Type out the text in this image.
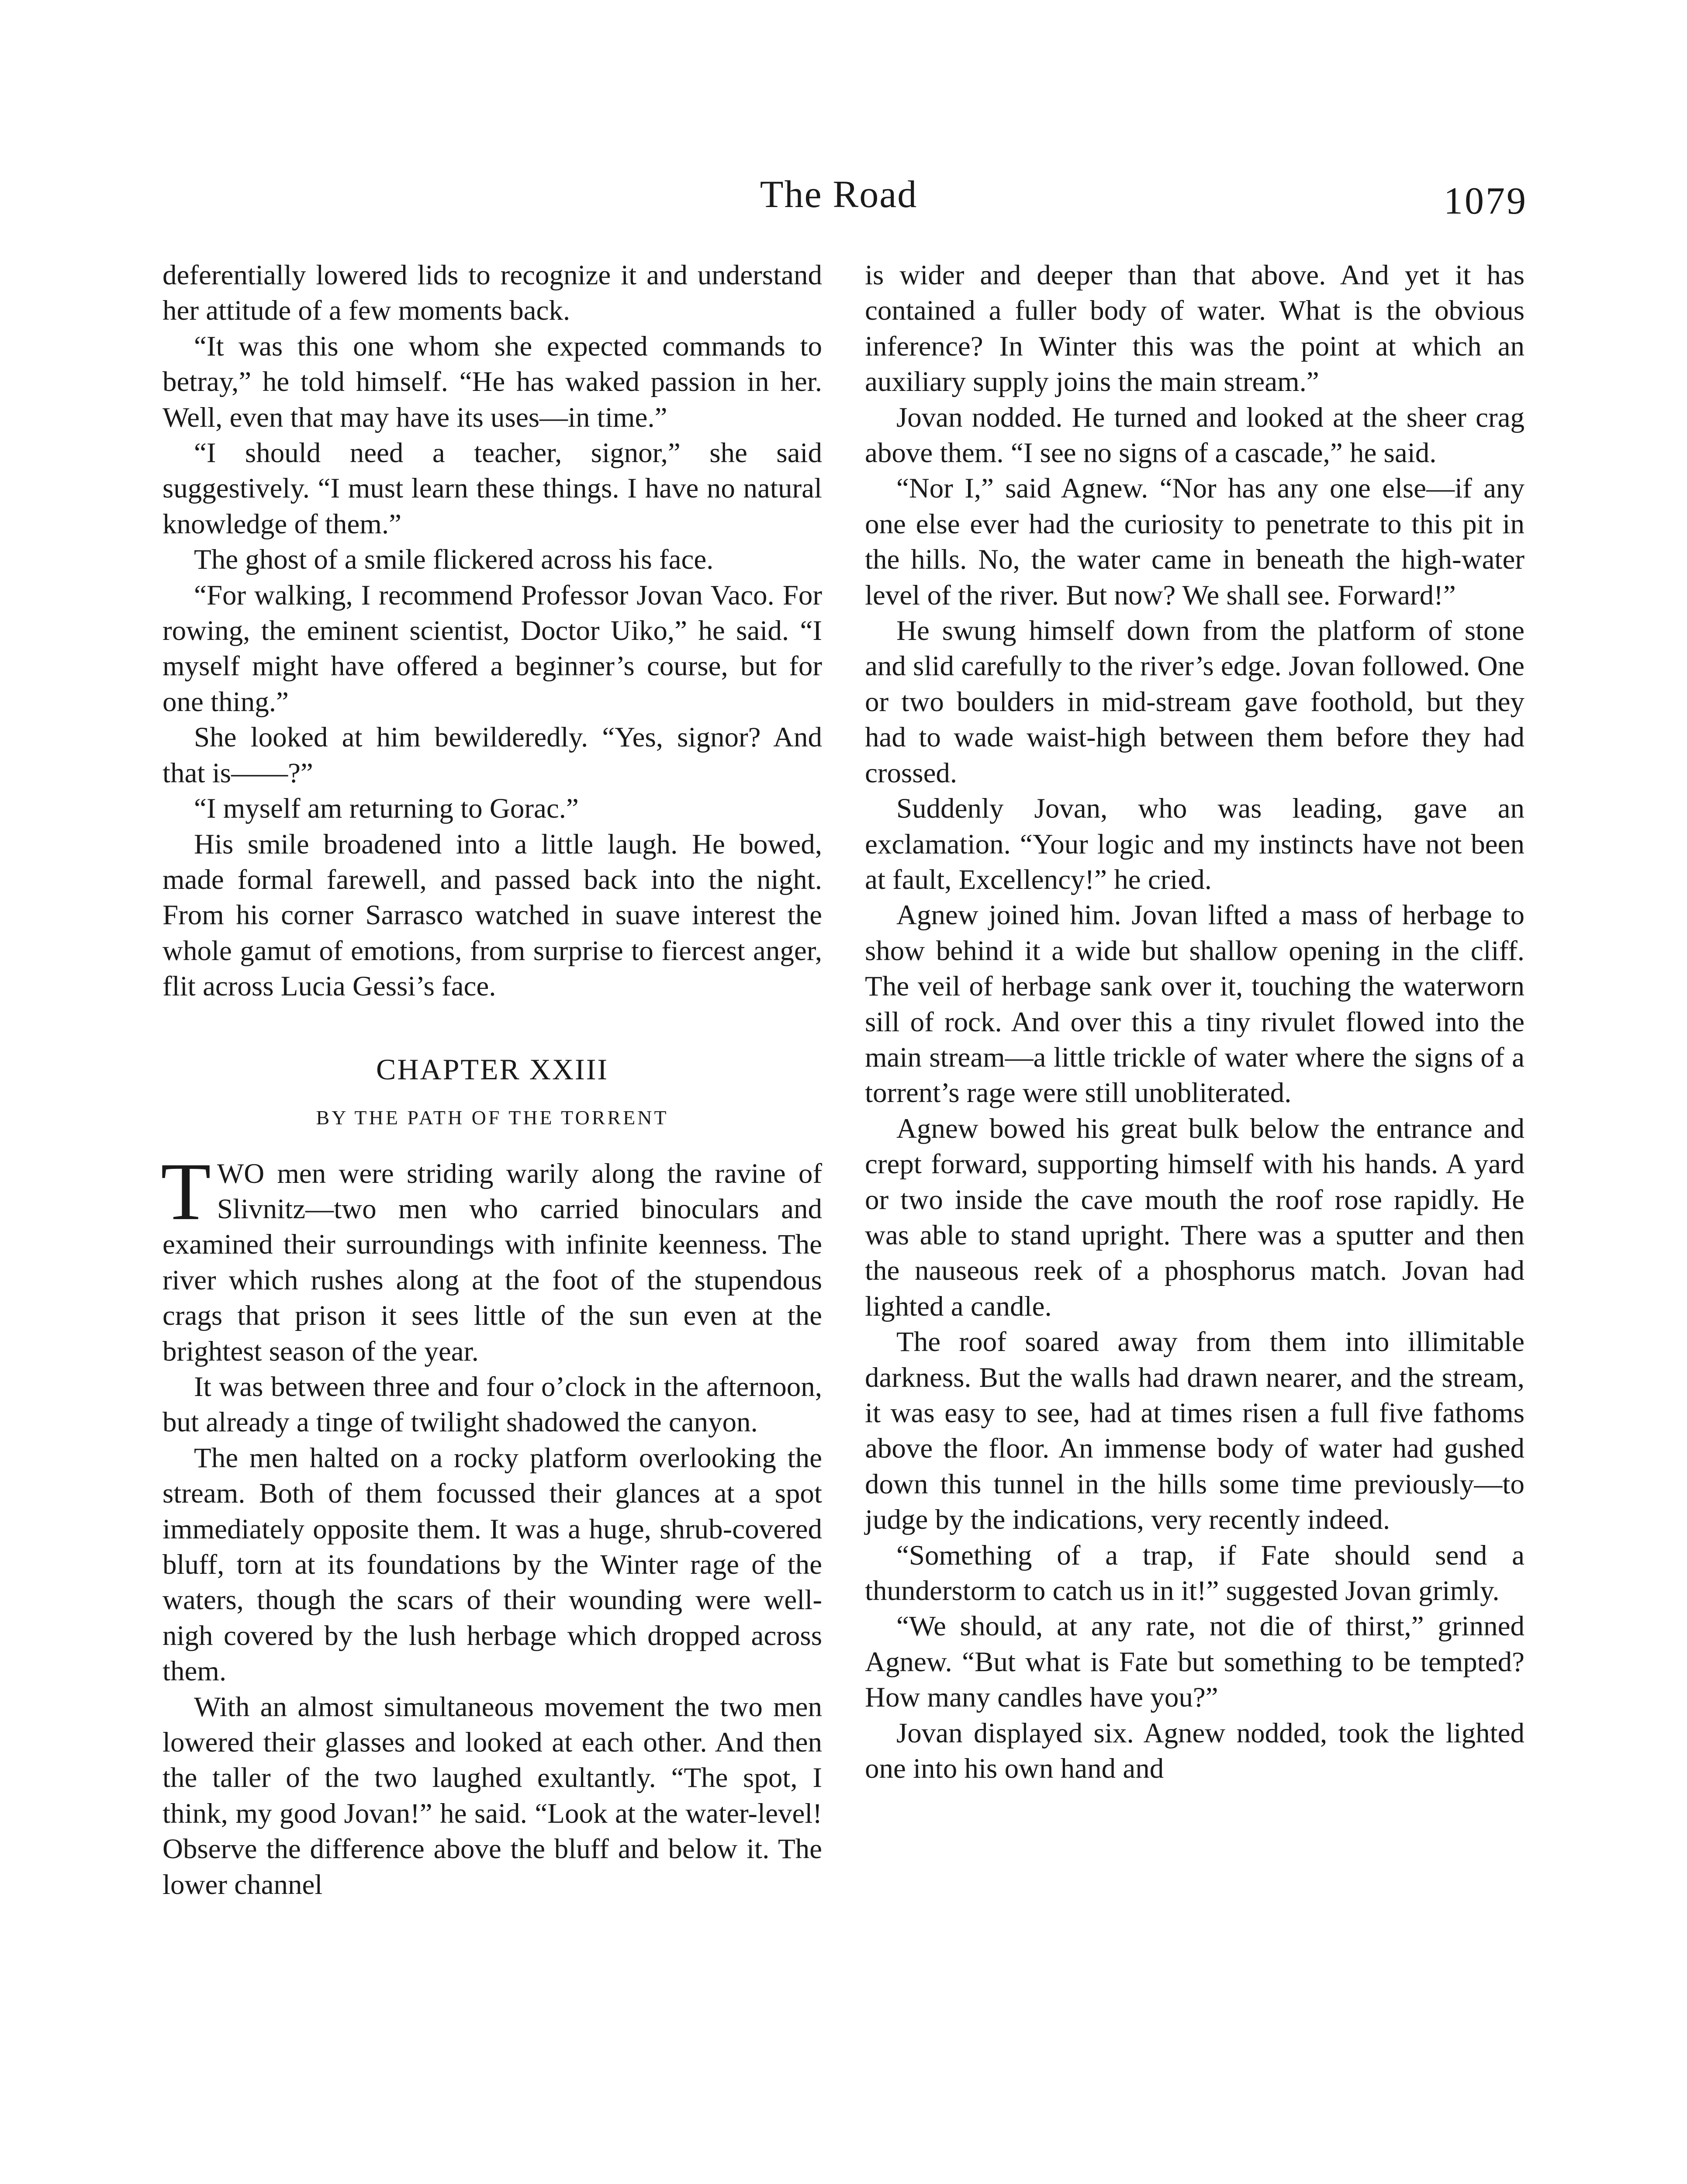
The Road	1079

deferentially lowered lids to recognize it and understand her attitude of a few moments back.

“It was this one whom she expected commands to betray,” he told himself. “He has waked passion in her. Well, even that may have its uses—in time.”

“I should need a teacher, signor,” she said suggestively. “I must learn these things. I have no natural knowledge of them.”

The ghost of a smile flickered across his face.

“For walking, I recommend Professor Jovan Vaco. For rowing, the eminent scientist, Doctor Uiko,” he said. “I myself might have offered a beginner’s course, but for one thing.”

She looked at him bewilderedly. “Yes, signor? And that is——?”

“I myself am returning to Gorac.”

His smile broadened into a little laugh. He bowed, made formal farewell, and passed back into the night. From his corner Sarrasco watched in suave interest the whole gamut of emotions, from surprise to fiercest anger, flit across Lucia Gessi’s face.

CHAPTER XXIII
BY THE PATH OF THE TORRENT

TWO men were striding warily along the ravine of Slivnitz—two men who carried binoculars and examined their surroundings with infinite keenness. The river which rushes along at the foot of the stupendous crags that prison it sees little of the sun even at the brightest season of the year.

It was between three and four o’clock in the afternoon, but already a tinge of twilight shadowed the canyon.

The men halted on a rocky platform overlooking the stream. Both of them focussed their glances at a spot immediately opposite them. It was a huge, shrub-covered bluff, torn at its foundations by the Winter rage of the waters, though the scars of their wounding were well-nigh covered by the lush herbage which dropped across them.

With an almost simultaneous movement the two men lowered their glasses and looked at each other. And then the taller of the two laughed exultantly. “The spot, I think, my good Jovan!” he said. “Look at the water-level! Observe the difference above the bluff and below it. The lower channel

is wider and deeper than that above. And yet it has contained a fuller body of water. What is the obvious inference? In Winter this was the point at which an auxiliary supply joins the main stream.”

Jovan nodded. He turned and looked at the sheer crag above them. “I see no signs of a cascade,” he said.

“Nor I,” said Agnew. “Nor has any one else—if any one else ever had the curiosity to penetrate to this pit in the hills. No, the water came in beneath the high-water level of the river. But now? We shall see. Forward!”

He swung himself down from the platform of stone and slid carefully to the river’s edge. Jovan followed. One or two boulders in mid-stream gave foothold, but they had to wade waist-high between them before they had crossed.

Suddenly Jovan, who was leading, gave an exclamation. “Your logic and my instincts have not been at fault, Excellency!” he cried.

Agnew joined him. Jovan lifted a mass of herbage to show behind it a wide but shallow opening in the cliff. The veil of herbage sank over it, touching the waterworn sill of rock. And over this a tiny rivulet flowed into the main stream—a little trickle of water where the signs of a torrent’s rage were still unobliterated.

Agnew bowed his great bulk below the entrance and crept forward, supporting himself with his hands. A yard or two inside the cave mouth the roof rose rapidly. He was able to stand upright. There was a sputter and then the nauseous reek of a phosphorus match. Jovan had lighted a candle.

The roof soared away from them into illimitable darkness. But the walls had drawn nearer, and the stream, it was easy to see, had at times risen a full five fathoms above the floor. An immense body of water had gushed down this tunnel in the hills some time previously—to judge by the indications, very recently indeed.

“Something of a trap, if Fate should send a thunderstorm to catch us in it!” suggested Jovan grimly.

“We should, at any rate, not die of thirst,” grinned Agnew. “But what is Fate but something to be tempted? How many candles have you?”

Jovan displayed six. Agnew nodded, took the lighted one into his own hand and
